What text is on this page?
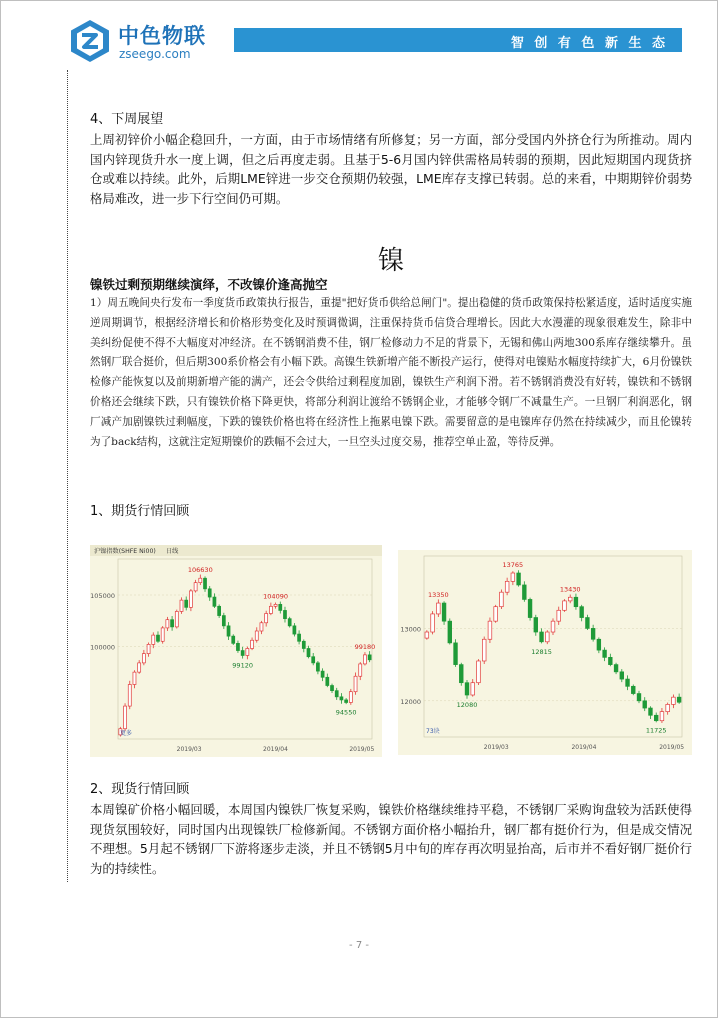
中色物联
zseego.com
智 创 有 色 新 生 态
4、下周展望

上周初锌价小幅企稳回升，一方面，由于市场情绪有所修复；另一方面，部分受国内外挤仓行为所推动。周内国内锌现货升水一度上调，但之后再度走弱。且基于5-6月国内锌供需格局转弱的预期，因此短期国内现货挤仓或难以持续。此外，后期LME锌进一步交仓预期仍较强，LME库存支撑已转弱。总的来看，中期期锌价弱势格局难改，进一步下行空间仍可期。

镍

镍铁过剩预期继续演绎，不改镍价逢高抛空

1）周五晚间央行发布一季度货币政策执行报告，重提"把好货币供给总闸门"。提出稳健的货币政策保持松紧适度，适时适度实施逆周期调节，根据经济增长和价格形势变化及时预调微调，注重保持货币信贷合理增长。因此大水漫灌的现象很难发生，除非中美纠纷促使不得不大幅度对冲经济。在不锈钢消费不佳，钢厂检修动力不足的背景下，无锡和佛山两地300系库存继续攀升。虽然钢厂联合挺价，但后期300系价格会有小幅下跌。高镍生铁新增产能不断投产运行，使得对电镍贴水幅度持续扩大，6月份镍铁检修产能恢复以及前期新增产能的满产，还会令供给过剩程度加剧，镍铁生产利润下滑。若不锈钢消费没有好转，镍铁和不锈钢价格还会继续下跌，只有镍铁价格下降更快，将部分利润让渡给不锈钢企业，才能够令钢厂不减量生产。一旦钢厂利润恶化，钢厂减产加剧镍铁过剩幅度，下跌的镍铁价格也将在经济性上拖累电镍下跌。需要留意的是电镍库存仍然在持续减少，而且伦镍转为了back结构，这就注定短期镍价的跌幅不会过大，一旦空头过度交易，推荐空单止盈，等待反弹。

1、期货行情回顾
100000
105000
2019/03	2019/04	2019/05
106630
104090
99120
99180
94550
沪镍指数(SHFE Ni00) 日线
更多
12000
13000
2019/03	2019/04	2019/05
13350
12080
13765
12815
13430
11725
73块
2、现货行情回顾

本周镍矿价格小幅回暖，本周国内镍铁厂恢复采购，镍铁价格继续维持平稳，不锈钢厂采购询盘较为活跃使得现货氛围较好，同时国内出现镍铁厂检修新闻。不锈钢方面价格小幅抬升，钢厂都有挺价行为，但是成交情况不理想。5月起不锈钢厂下游将逐步走淡，并且不锈钢5月中旬的库存再次明显抬高，后市并不看好钢厂挺价行为的持续性。

- 7 -
